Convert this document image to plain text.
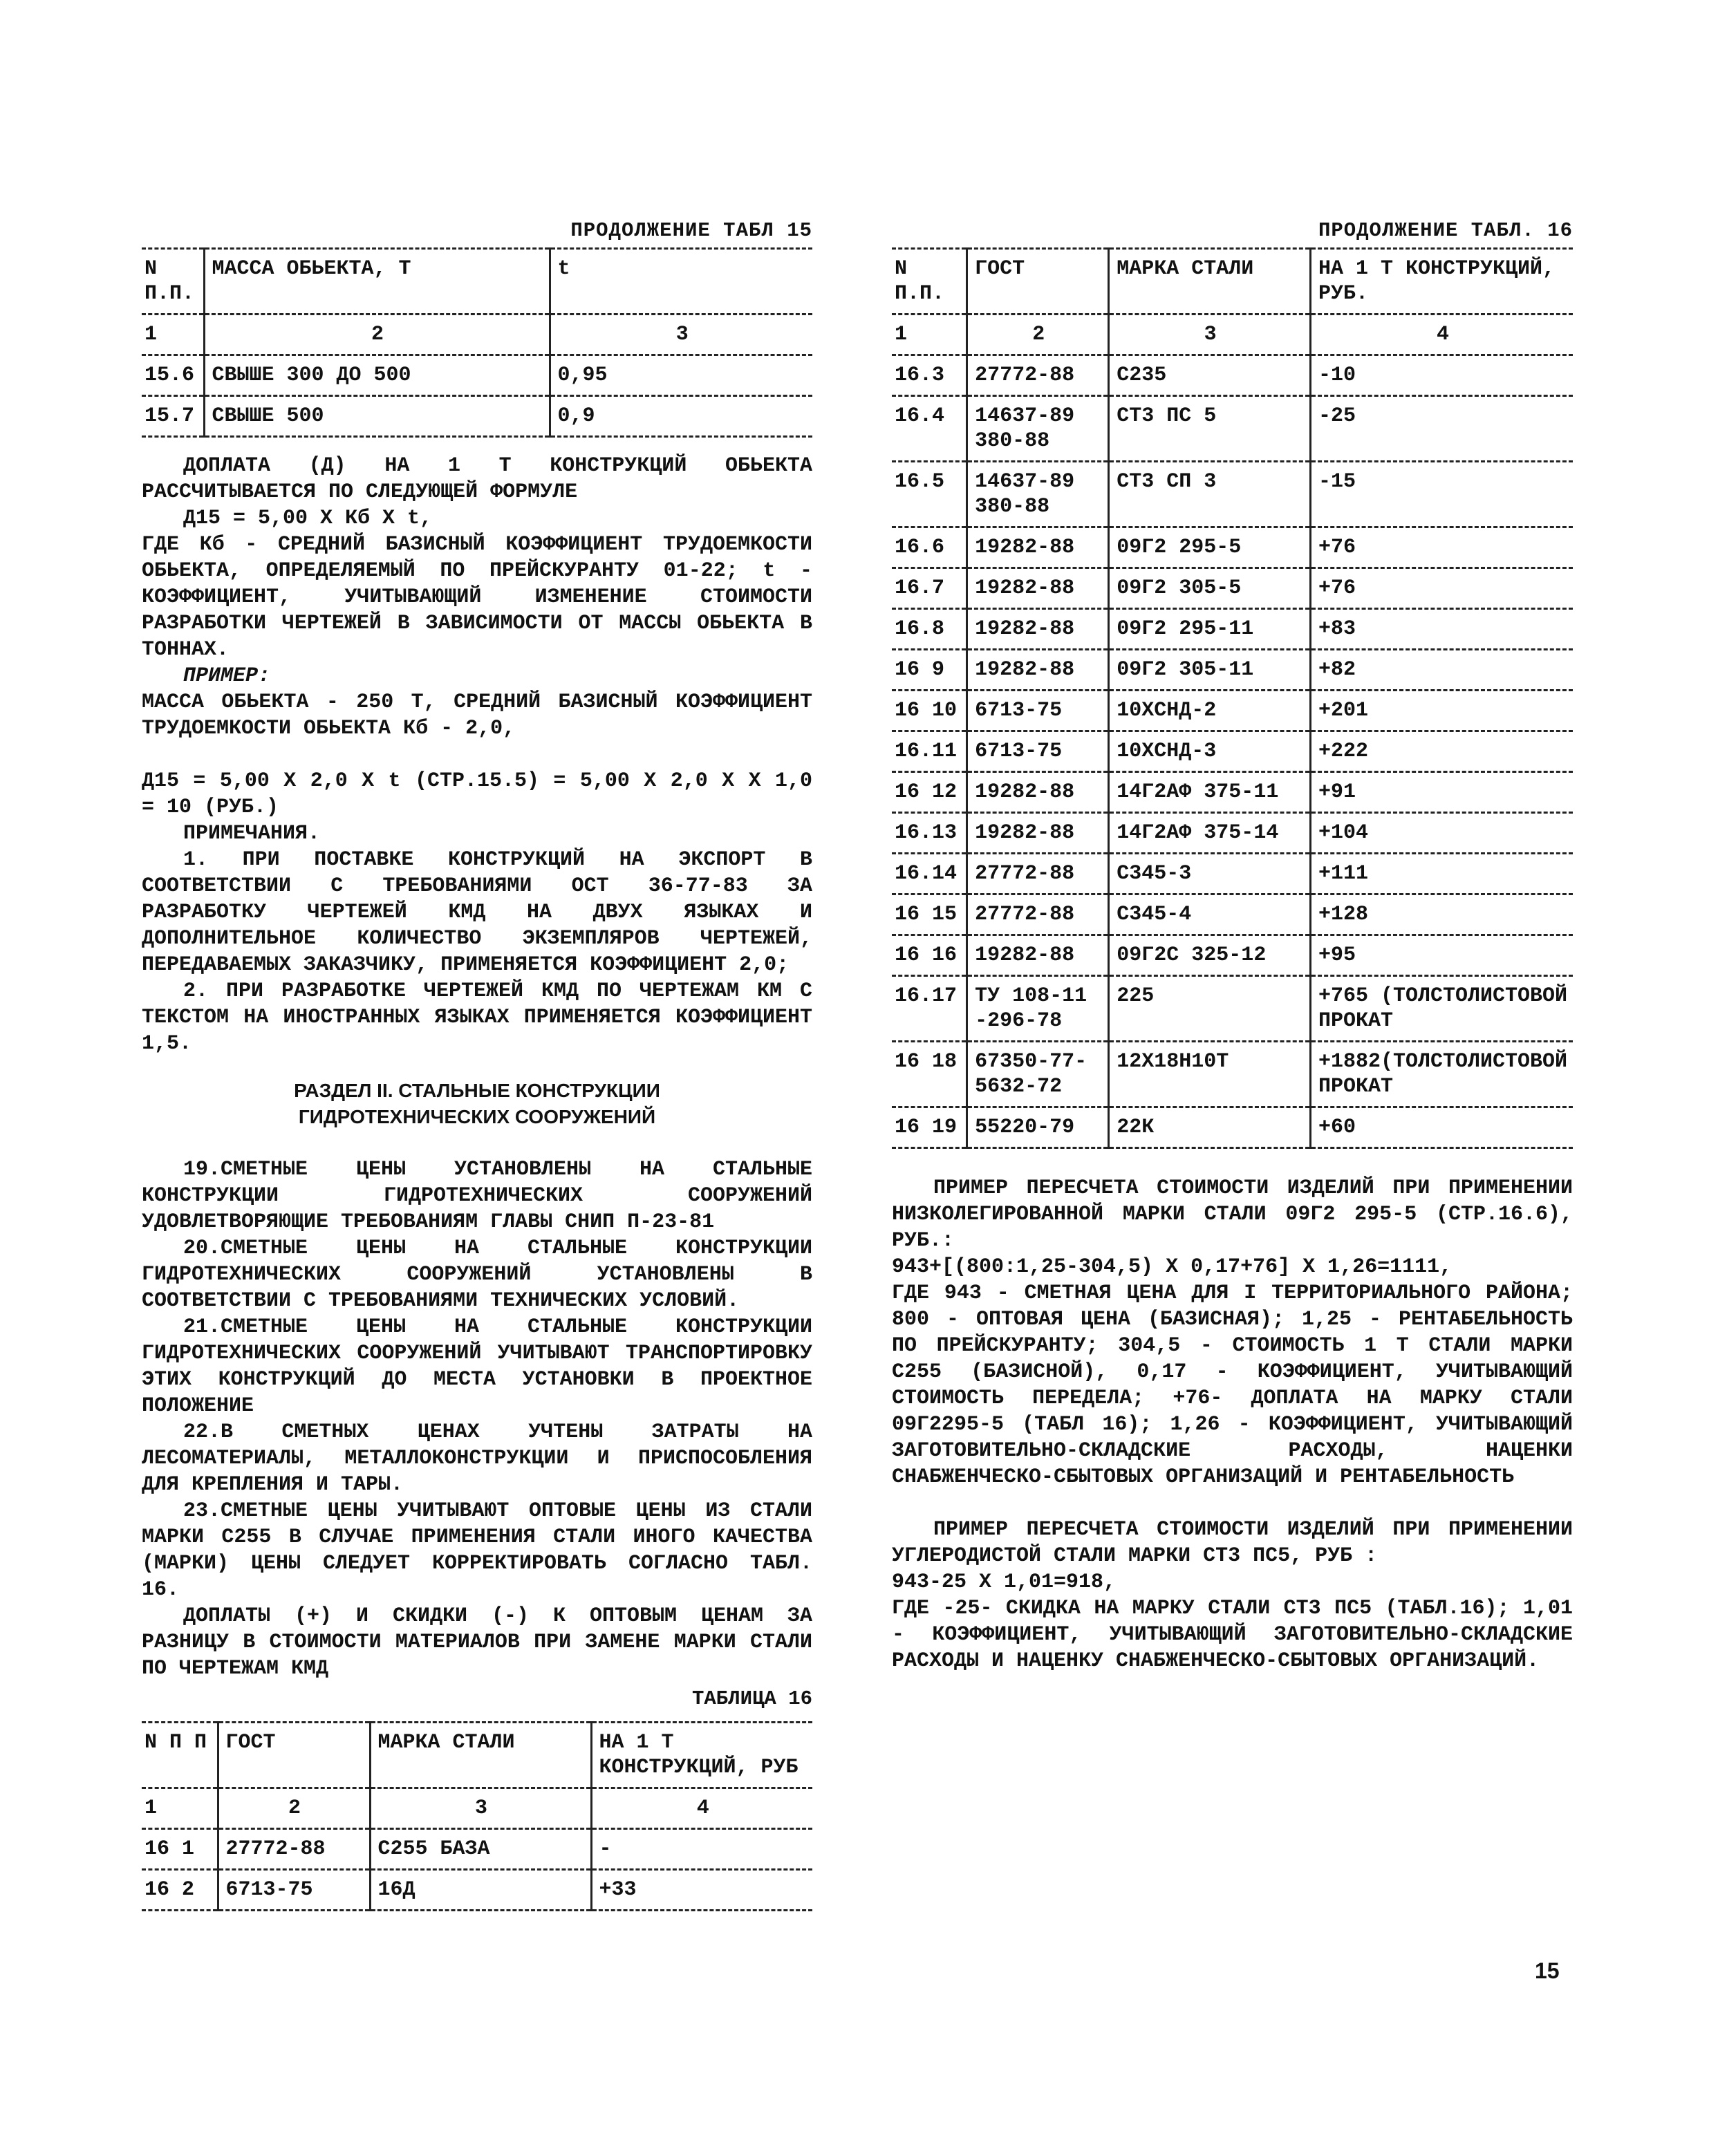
ПРОДОЛЖЕНИЕ ТАБЛ 15
N П.П.	МАССА ОБЬЕКТА, Т	t
1	2	3
15.6	СВЫШЕ 300 ДО 500	0,95
15.7	СВЫШЕ 500	0,9

ДОПЛАТА (Д) НА 1 Т КОНСТРУКЦИЙ ОБЬЕКТА РАССЧИТЫВАЕТСЯ ПО СЛЕДУЮЩЕЙ ФОРМУЛЕ

Д15 = 5,00 Х Кб Х t,

ГДЕ Кб - СРЕДНИЙ БАЗИСНЫЙ КОЭФФИЦИЕНТ ТРУДОЕМКОСТИ ОБЬЕКТА, ОПРЕДЕЛЯЕМЫЙ ПО ПРЕЙСКУРАНТУ 01-22; t - КОЭФФИЦИЕНТ, УЧИТЫВАЮЩИЙ ИЗМЕНЕНИЕ СТОИМОСТИ РАЗРАБОТКИ ЧЕРТЕЖЕЙ В ЗАВИСИМОСТИ ОТ МАССЫ ОБЬЕКТА В ТОННАХ.

ПРИМЕР:

МАССА ОБЬЕКТА - 250 Т, СРЕДНИЙ БАЗИСНЫЙ КОЭФФИЦИЕНТ ТРУДОЕМКОСТИ ОБЬЕКТА Кб - 2,0,

Д15 = 5,00 Х 2,0 Х t (СТР.15.5) = 5,00 Х 2,0 Х Х 1,0 = 10 (РУБ.)

ПРИМЕЧАНИЯ.

1. ПРИ ПОСТАВКЕ КОНСТРУКЦИЙ НА ЭКСПОРТ В СООТВЕТСТВИИ С ТРЕБОВАНИЯМИ ОСТ 36-77-83 ЗА РАЗРАБОТКУ ЧЕРТЕЖЕЙ КМД НА ДВУХ ЯЗЫКАХ И ДОПОЛНИТЕЛЬНОЕ КОЛИЧЕСТВО ЭКЗЕМПЛЯРОВ ЧЕРТЕЖЕЙ, ПЕРЕДАВАЕМЫХ ЗАКАЗЧИКУ, ПРИМЕНЯЕТСЯ КОЭФФИЦИЕНТ 2,0;

2. ПРИ РАЗРАБОТКЕ ЧЕРТЕЖЕЙ КМД ПО ЧЕРТЕЖАМ КМ С ТЕКСТОМ НА ИНОСТРАННЫХ ЯЗЫКАХ ПРИМЕНЯЕТСЯ КОЭФФИЦИЕНТ 1,5.

РАЗДЕЛ II. СТАЛЬНЫЕ КОНСТРУКЦИИ
ГИДРОТЕХНИЧЕСКИХ СООРУЖЕНИЙ

19.СМЕТНЫЕ ЦЕНЫ УСТАНОВЛЕНЫ НА СТАЛЬНЫЕ КОНСТРУКЦИИ ГИДРОТЕХНИЧЕСКИХ СООРУЖЕНИЙ УДОВЛЕТВОРЯЮЩИЕ ТРЕБОВАНИЯМ ГЛАВЫ СНИП П-23-81

20.СМЕТНЫЕ ЦЕНЫ НА СТАЛЬНЫЕ КОНСТРУКЦИИ ГИДРОТЕХНИЧЕСКИХ СООРУЖЕНИЙ УСТАНОВЛЕНЫ В СООТВЕТСТВИИ С ТРЕБОВАНИЯМИ ТЕХНИЧЕСКИХ УСЛОВИЙ.

21.СМЕТНЫЕ ЦЕНЫ НА СТАЛЬНЫЕ КОНСТРУКЦИИ ГИДРОТЕХНИЧЕСКИХ СООРУЖЕНИЙ УЧИТЫВАЮТ ТРАНСПОРТИРОВКУ ЭТИХ КОНСТРУКЦИЙ ДО МЕСТА УСТАНОВКИ В ПРОЕКТНОЕ ПОЛОЖЕНИЕ

22.В СМЕТНЫХ ЦЕНАХ УЧТЕНЫ ЗАТРАТЫ НА ЛЕСОМАТЕРИАЛЫ, МЕТАЛЛОКОНСТРУКЦИИ И ПРИСПОСОБЛЕНИЯ ДЛЯ КРЕПЛЕНИЯ И ТАРЫ.

23.СМЕТНЫЕ ЦЕНЫ УЧИТЫВАЮТ ОПТОВЫЕ ЦЕНЫ ИЗ СТАЛИ МАРКИ С255 В СЛУЧАЕ ПРИМЕНЕНИЯ СТАЛИ ИНОГО КАЧЕСТВА (МАРКИ) ЦЕНЫ СЛЕДУЕТ КОРРЕКТИРОВАТЬ СОГЛАСНО ТАБЛ. 16.

ДОПЛАТЫ (+) И СКИДКИ (-) К ОПТОВЫМ ЦЕНАМ ЗА РАЗНИЦУ В СТОИМОСТИ МАТЕРИАЛОВ ПРИ ЗАМЕНЕ МАРКИ СТАЛИ ПО ЧЕРТЕЖАМ КМД

ТАБЛИЦА 16
N П П	ГОСТ	МАРКА СТАЛИ	НА 1 Т КОНСТРУКЦИЙ, РУБ
1	2	3	4
16 1	27772-88	С255 БАЗА	-
16 2	6713-75	16Д	+33
ПРОДОЛЖЕНИЕ ТАБЛ. 16
N П.П.	ГОСТ	МАРКА СТАЛИ	НА 1 Т КОНСТРУКЦИЙ, РУБ.
1	2	3	4
16.3	27772-88	С235	-10
16.4	14637-89 380-88	СТ3 ПС 5	-25
16.5	14637-89 380-88	СТ3 СП 3	-15
16.6	19282-88	09Г2 295-5	+76
16.7	19282-88	09Г2 305-5	+76
16.8	19282-88	09Г2 295-11	+83
16 9	19282-88	09Г2 305-11	+82
16 10	6713-75	10ХСНД-2	+201
16.11	6713-75	10ХСНД-3	+222
16 12	19282-88	14Г2АФ 375-11	+91
16.13	19282-88	14Г2АФ 375-14	+104
16.14	27772-88	С345-3	+111
16 15	27772-88	С345-4	+128
16 16	19282-88	09Г2С 325-12	+95
16.17	ТУ 108-11 -296-78	225	+765 (ТОЛСТОЛИСТОВОЙ ПРОКАТ
16 18	67350-77- 5632-72	12Х18Н10Т	+1882(ТОЛСТОЛИСТОВОЙ ПРОКАТ
16 19	55220-79	22К	+60

ПРИМЕР ПЕРЕСЧЕТА СТОИМОСТИ ИЗДЕЛИЙ ПРИ ПРИМЕНЕНИИ НИЗКОЛЕГИРОВАННОЙ МАРКИ СТАЛИ 09Г2 295-5 (СТР.16.6), РУБ.:

943+[(800:1,25-304,5) Х 0,17+76] Х 1,26=1111,

ГДЕ 943 - СМЕТНАЯ ЦЕНА ДЛЯ I ТЕРРИТОРИАЛЬНОГО РАЙОНА; 800 - ОПТОВАЯ ЦЕНА (БАЗИСНАЯ); 1,25 - РЕНТАБЕЛЬНОСТЬ ПО ПРЕЙСКУРАНТУ; 304,5 - СТОИМОСТЬ 1 Т СТАЛИ МАРКИ С255 (БАЗИСНОЙ), 0,17 - КОЭФФИЦИЕНТ, УЧИТЫВАЮЩИЙ СТОИМОСТЬ ПЕРЕДЕЛА; +76- ДОПЛАТА НА МАРКУ СТАЛИ 09Г2295-5 (ТАБЛ 16); 1,26 - КОЭФФИЦИЕНТ, УЧИТЫВАЮЩИЙ ЗАГОТОВИТЕЛЬНО-СКЛАДСКИЕ РАСХОДЫ, НАЦЕНКИ СНАБЖЕНЧЕСКО-СБЫТОВЫХ ОРГАНИЗАЦИЙ И РЕНТАБЕЛЬНОСТЬ

ПРИМЕР ПЕРЕСЧЕТА СТОИМОСТИ ИЗДЕЛИЙ ПРИ ПРИМЕНЕНИИ УГЛЕРОДИСТОЙ СТАЛИ МАРКИ СТ3 ПС5, РУБ :

943-25 Х 1,01=918,

ГДЕ -25- СКИДКА НА МАРКУ СТАЛИ СТ3 ПС5 (ТАБЛ.16); 1,01 - КОЭФФИЦИЕНТ, УЧИТЫВАЮЩИЙ ЗАГОТОВИТЕЛЬНО-СКЛАДСКИЕ РАСХОДЫ И НАЦЕНКУ СНАБЖЕНЧЕСКО-СБЫТОВЫХ ОРГАНИЗАЦИЙ.

15
